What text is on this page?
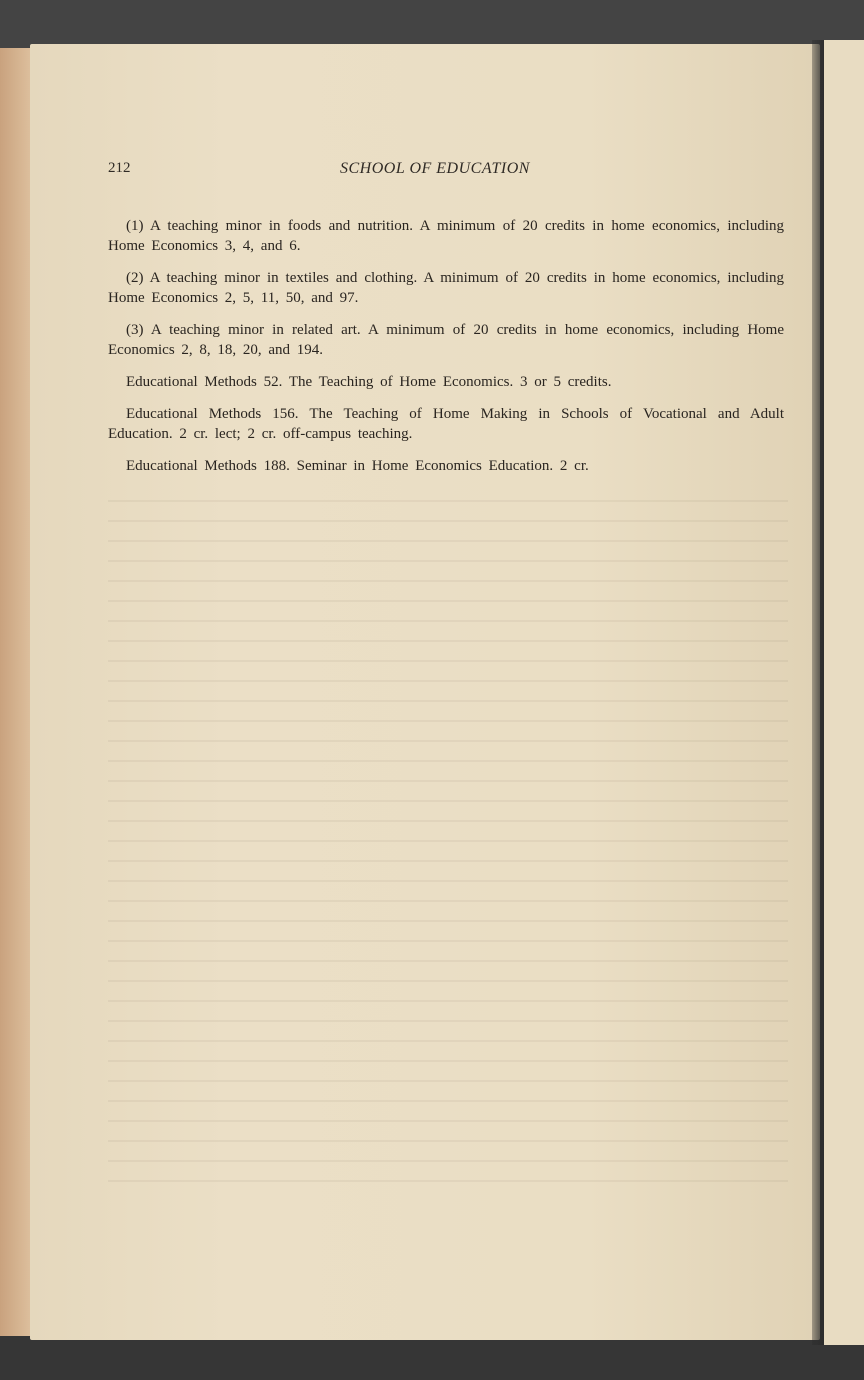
212	SCHOOL OF EDUCATION

(1) A teaching minor in foods and nutrition. A minimum of 20 credits in home economics, including Home Economics 3, 4, and 6.

(2) A teaching minor in textiles and clothing. A minimum of 20 credits in home economics, including Home Economics 2, 5, 11, 50, and 97.

(3) A teaching minor in related art. A minimum of 20 credits in home economics, including Home Economics 2, 8, 18, 20, and 194.

Educational Methods 52. The Teaching of Home Economics. 3 or 5 credits.

Educational Methods 156. The Teaching of Home Making in Schools of Vocational and Adult Education. 2 cr. lect; 2 cr. off-campus teaching.

Educational Methods 188. Seminar in Home Economics Education. 2 cr.
